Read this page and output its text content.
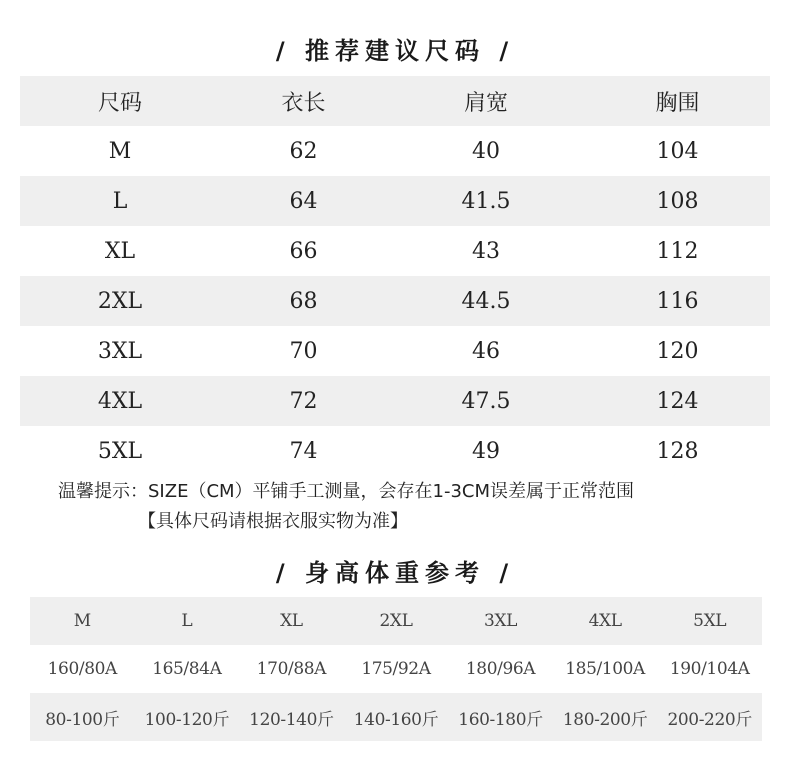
/ 推荐建议尺码 /
尺码	衣长	肩宽	胸围
M	62	40	104
L	64	41.5	108
XL	66	43	112
2XL	68	44.5	116
3XL	70	46	120
4XL	72	47.5	124
5XL	74	49	128
温馨提示：SIZE（CM）平铺手工测量，会存在1-3CM误差属于正常范围
【具体尺码请根据衣服实物为准】
/ 身高体重参考 /
M	L	XL	2XL	3XL	4XL	5XL
160/80A	165/84A	170/88A	175/92A	180/96A	185/100A	190/104A
80-100斤	100-120斤	120-140斤	140-160斤	160-180斤	180-200斤	200-220斤
